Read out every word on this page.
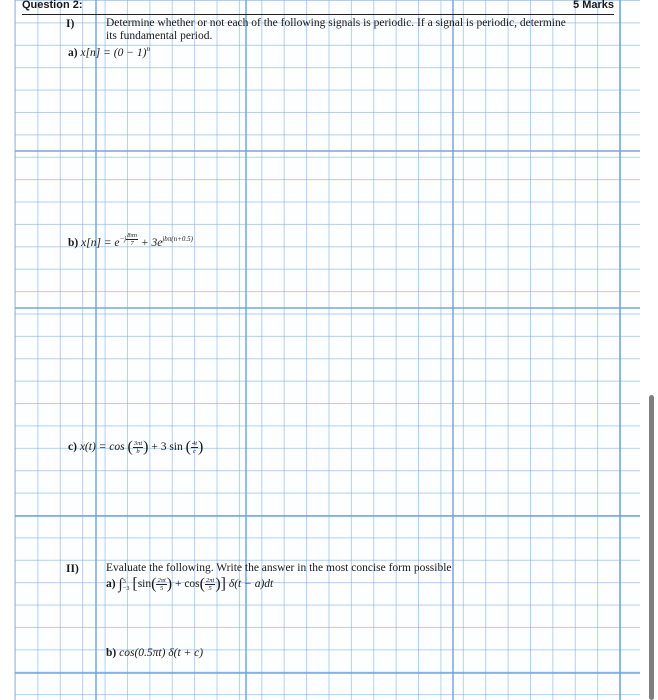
Question 2:	5 Marks
I)	Determine whether or not each of the following signals is periodic. If a signal is periodic, determine
its fundamental period.
a) $x[n] = (0 - 1)^n$
b) $x[n] = e^{-j \frac{8\pi n}{7}} + 3e^{jb\pi(n+0.5)}$
c) x(t) = cos ( $\frac{3\pi t}{b}$ ) + 3 sin ( $\frac{4t}{c}$ )
II) Evaluate the following. Write the answer in the most concise form possible
a) ∫ 3
−3 [$\sin( \frac{2\pi t}{5}$ ) + $\cos( \frac{2\pi t}{5}$ )] δ(t − a)dt
b) cos(0.5πt) δ(t + c)
